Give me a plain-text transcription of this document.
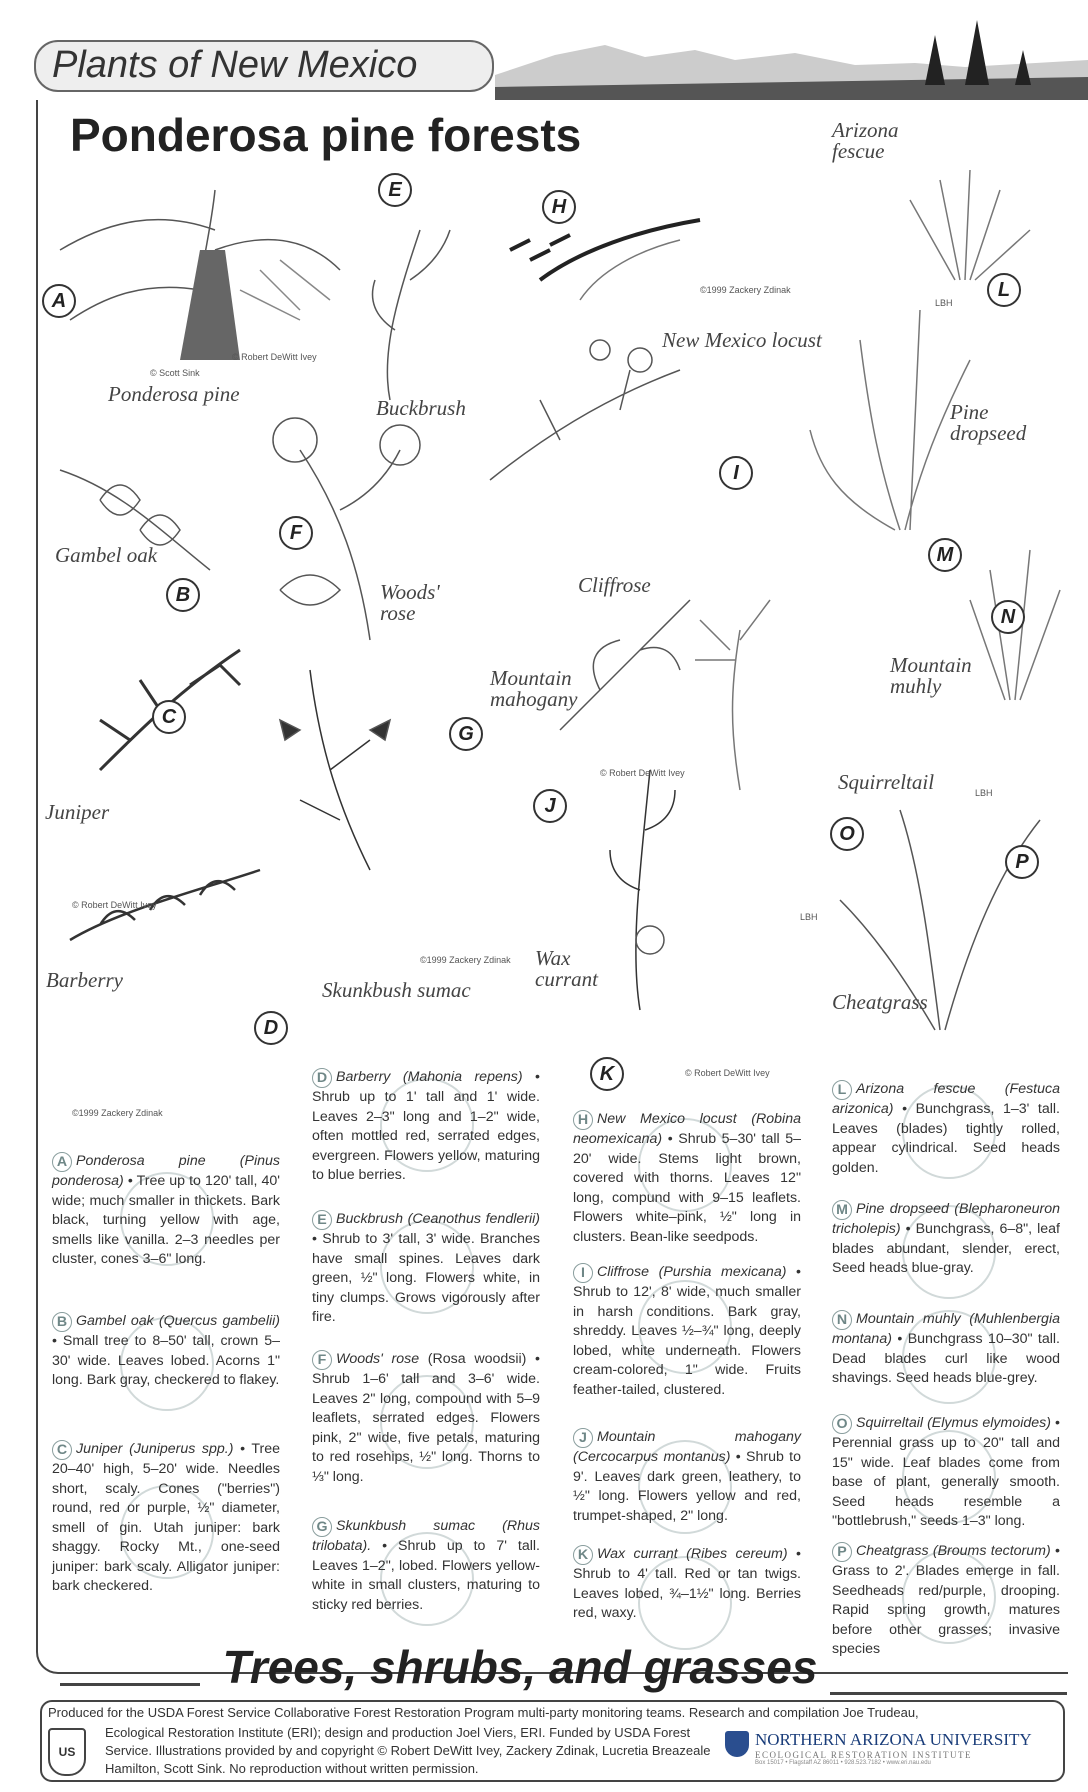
Plants of New Mexico
Ponderosa pine forests
A
Ponderosa pine
B
Gambel oak
C
Juniper
D
Barberry
E
Buckbrush
F
Woods'
rose
G
Skunkbush sumac
H
New Mexico locust
I
Cliffrose
J
Mountain
mahogany
K
Wax
currant
L
Arizona
fescue
M
Pine
dropseed
N
Mountain
muhly
O
Squirreltail
P
Cheatgrass
© Robert DeWitt Ivey
© Scott Sink
© Robert DeWitt Ivey
©1999 Zackery Zdinak
©1999 Zackery Zdinak
©1999 Zackery Zdinak
© Robert DeWitt Ivey
© Robert DeWitt Ivey
LBH
LBH
LBH
A Ponderosa pine (Pinus ponderosa) • Tree up to 120' tall, 40' wide; much smaller in thickets. Bark black, turning yellow with age, smells like vanilla. 2–3 needles per cluster, cones 3–6" long.
B Gambel oak (Quercus gambelii) • Small tree to 8–50' tall, crown 5–30' wide. Leaves lobed. Acorns 1" long. Bark gray, checkered to flakey.
C Juniper (Juniperus spp.) • Tree 20–40' high, 5–20' wide. Needles short, scaly. Cones ("berries") round, red or purple, ½" diameter, smell of gin. Utah juniper: bark shaggy. Rocky Mt., one-seed juniper: bark scaly. Alligator juniper: bark checkered.
D Barberry (Mahonia repens) • Shrub up to 1' tall and 1' wide. Leaves 2–3" long and 1–2" wide, often mottled red, serrated edges, evergreen. Flowers yellow, maturing to blue berries.
E Buckbrush (Ceanothus fendlerii) • Shrub to 3' tall, 3' wide. Branches have small spines. Leaves dark green, ½" long. Flowers white, in tiny clumps. Grows vigorously after fire.
F Woods' rose (Rosa woodsii) • Shrub 1–6' tall and 3–6' wide. Leaves 2" long, compound with 5–9 leaflets, serrated edges. Flowers pink, 2" wide, five petals, maturing to red rosehips, ½" long. Thorns to ⅓" long.
G Skunkbush sumac (Rhus trilobata). • Shrub up to 7' tall. Leaves 1–2", lobed. Flowers yellow-white in small clusters, maturing to sticky red berries.
H New Mexico locust (Robina neomexicana) • Shrub 5–30' tall 5–20' wide. Stems light brown, covered with thorns. Leaves 12" long, compund with 9–15 leaflets. Flowers white–pink, ½" long in clusters. Bean-like seedpods.
I Cliffrose (Purshia mexicana) • Shrub to 12', 8' wide, much smaller in harsh conditions. Bark gray, shreddy. Leaves ½–¾" long, deeply lobed, white underneath. Flowers cream-colored, 1" wide. Fruits feather-tailed, clustered.
J Mountain mahogany (Cercocarpus montanus) • Shrub to 9'. Leaves dark green, leathery, to ½" long. Flowers yellow and red, trumpet-shaped, 2" long.
K Wax currant (Ribes cereum) • Shrub to 4' tall. Red or tan twigs. Leaves lobed, ¾–1½" long. Berries red, waxy.
L Arizona fescue (Festuca arizonica) • Bunchgrass, 1–3' tall. Leaves (blades) tightly rolled, appear cylindrical. Seed heads golden.
M Pine dropseed (Blepharoneuron tricholepis) • Bunchgrass, 6–8", leaf blades abundant, slender, erect, Seed heads blue-gray.
N Mountain muhly (Muhlenbergia montana) • Bunchgrass 10–30" tall. Dead blades curl like wood shavings. Seed heads blue-grey.
O Squirreltail (Elymus elymoides) • Perennial grass up to 20" tall and 15" wide. Leaf blades come from base of plant, generally smooth. Seed heads resemble a "bottlebrush," seeds 1–3" long.
P Cheatgrass (Broums tectorum) • Grass to 2'. Blades emerge in fall. Seedheads red/purple, drooping. Rapid spring growth, matures before other grasses; invasive species
Trees, shrubs, and grasses
Produced for the USDA Forest Service Collaborative Forest Restoration Program multi-party monitoring teams. Research and compilation Joe Trudeau,
US
Ecological Restoration Institute (ERI); design and production Joel Viers, ERI. Funded by USDA Forest Service. Illustrations provided by and copyright © Robert DeWitt Ivey, Zackery Zdinak, Lucretia Breazeale Hamilton, Scott Sink. No reproduction without written permission.
NORTHERN ARIZONA UNIVERSITY
ECOLOGICAL RESTORATION INSTITUTE
Box 15017 • Flagstaff AZ 86011 • 928.523.7182 • www.eri.nau.edu
